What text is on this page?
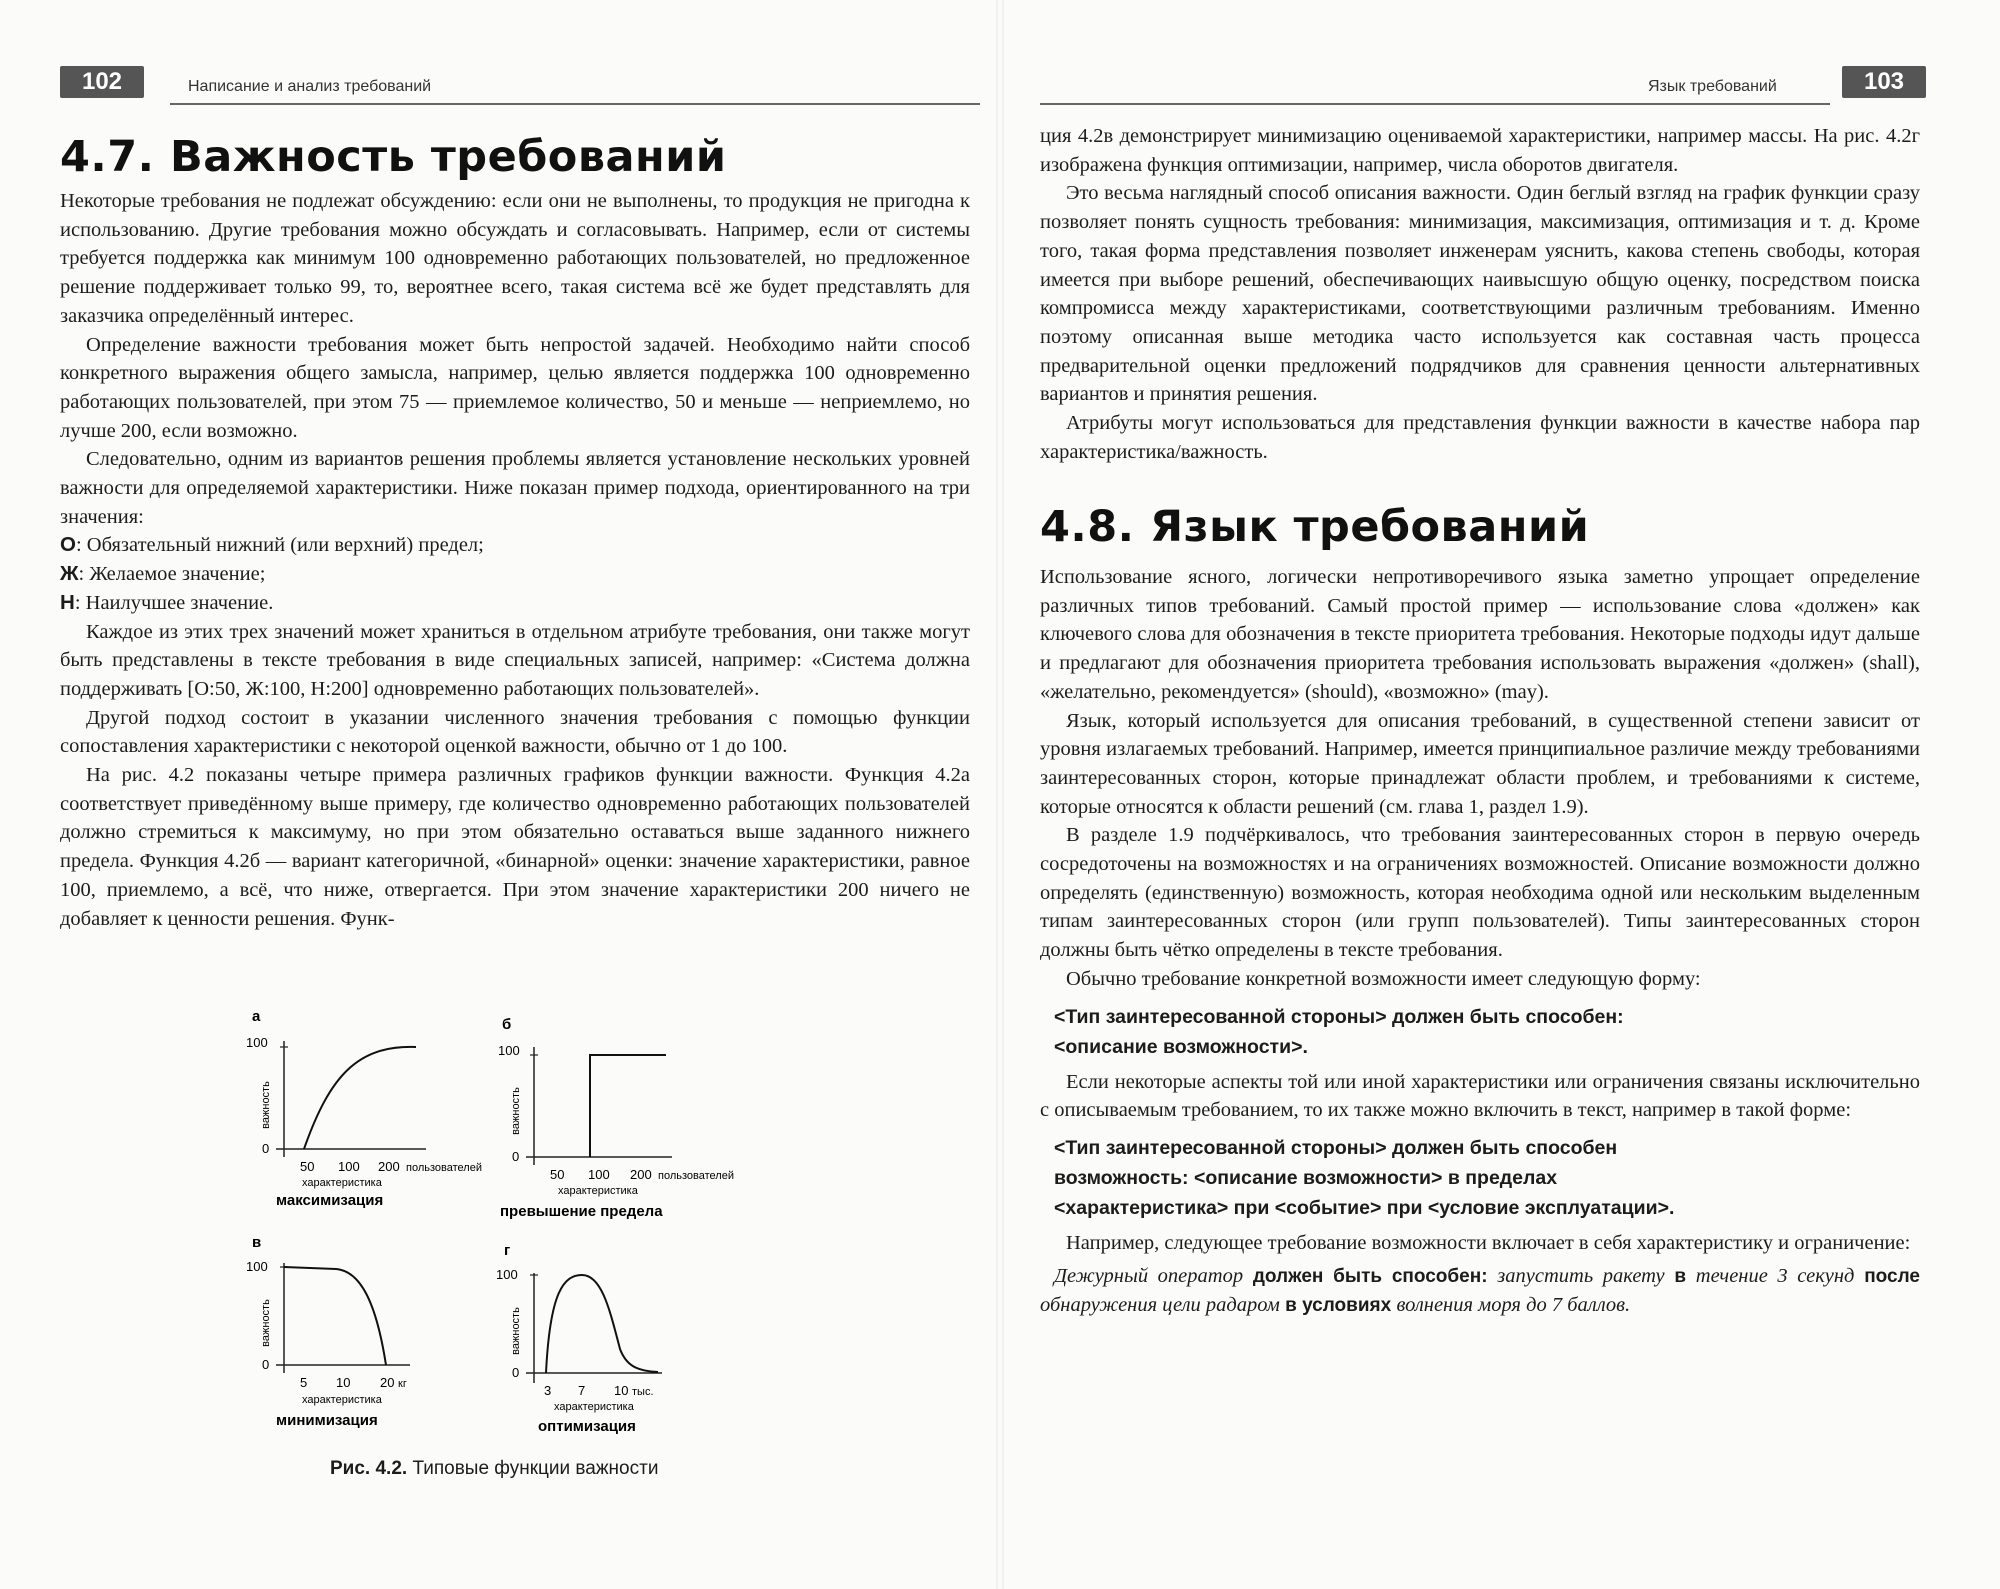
102	Написание и анализ требований
4.7. Важность требований

Некоторые требования не подлежат обсуждению: если они не выполнены, то продукция не пригодна к использованию. Другие требования можно обсуждать и согласовывать. Например, если от системы требуется поддержка как минимум 100 одновременно работающих пользователей, но предложенное решение поддерживает только 99, то, вероятнее всего, такая система всё же будет представлять для заказчика определённый интерес.

Определение важности требования может быть непростой задачей. Необходимо найти способ конкретного выражения общего замысла, например, целью является поддержка 100 одновременно работающих пользователей, при этом 75 — приемлемое количество, 50 и меньше — неприемлемо, но лучше 200, если возможно.

Следовательно, одним из вариантов решения проблемы является установление нескольких уровней важности для определяемой характеристики. Ниже показан пример подхода, ориентированного на три значения:

О: Обязательный нижний (или верхний) предел;

Ж: Желаемое значение;

Н: Наилучшее значение.

Каждое из этих трех значений может храниться в отдельном атрибуте требования, они также могут быть представлены в тексте требования в виде специальных записей, например: «Система должна поддерживать [О:50, Ж:100, Н:200] одновременно работающих пользователей».

Другой подход состоит в указании численного значения требования с помощью функции сопоставления характеристики с некоторой оценкой важности, обычно от 1 до 100.

На рис. 4.2 показаны четыре примера различных графиков функции важности. Функция 4.2а соответствует приведённому выше примеру, где количество одновременно работающих пользователей должно стремиться к максимуму, но при этом обязательно оставаться выше заданного нижнего предела. Функция 4.2б — вариант категоричной, «бинарной» оценки: значение характеристики, равное 100, приемлемо, а всё, что ниже, отвергается. При этом значение характеристики 200 ничего не добавляет к ценности решения. Функ-

а
100
0
важность
50 100 200 пользователей
характеристика
максимизация
б
100
0
важность
50 100 200 пользователей
характеристика
превышение предела
в
100
0
важность
5 10 20 кг
характеристика
минимизация
г
100
0
важность
3 7 10 тыс.
характеристика
оптимизация
Рис. 4.2. Типовые функции важности
Язык требований	103

ция 4.2в демонстрирует минимизацию оцениваемой характеристики, например массы. На рис. 4.2г изображена функция оптимизации, например, числа оборотов двигателя.

Это весьма наглядный способ описания важности. Один беглый взгляд на график функции сразу позволяет понять сущность требования: минимизация, максимизация, оптимизация и т. д. Кроме того, такая форма представления позволяет инженерам уяснить, какова степень свободы, которая имеется при выборе решений, обеспечивающих наивысшую общую оценку, посредством поиска компромисса между характеристиками, соответствующими различным требованиям. Именно поэтому описанная выше методика часто используется как составная часть процесса предварительной оценки предложений подрядчиков для сравнения ценности альтернативных вариантов и принятия решения.

Атрибуты могут использоваться для представления функции важности в качестве набора пар характеристика/важность.

4.8. Язык требований

Использование ясного, логически непротиворечивого языка заметно упрощает определение различных типов требований. Самый простой пример — использование слова «должен» как ключевого слова для обозначения в тексте приоритета требования. Некоторые подходы идут дальше и предлагают для обозначения приоритета требования использовать выражения «должен» (shall), «желательно, рекомендуется» (should), «возможно» (may).

Язык, который используется для описания требований, в существенной степени зависит от уровня излагаемых требований. Например, имеется принципиальное различие между требованиями заинтересованных сторон, которые принадлежат области проблем, и требованиями к системе, которые относятся к области решений (см. глава 1, раздел 1.9).

В разделе 1.9 подчёркивалось, что требования заинтересованных сторон в первую очередь сосредоточены на возможностях и на ограничениях возможностей. Описание возможности должно определять (единственную) возможность, которая необходима одной или нескольким выделенным типам заинтересованных сторон (или групп пользователей). Типы заинтересованных сторон должны быть чётко определены в тексте требования.

Обычно требование конкретной возможности имеет следующую форму:

<Тип заинтересованной стороны> должен быть способен:
<описание возможности>.

Если некоторые аспекты той или иной характеристики или ограничения связаны исключительно с описываемым требованием, то их также можно включить в текст, например в такой форме:

<Тип заинтересованной стороны> должен быть способен
возможность: <описание возможности> в пределах
<характеристика> при <событие> при <условие эксплуатации>.

Например, следующее требование возможности включает в себя характеристику и ограничение:

Дежурный оператор должен быть способен: запустить ракету в течение 3 секунд после обнаружения цели радаром в условиях волнения моря до 7 баллов.
